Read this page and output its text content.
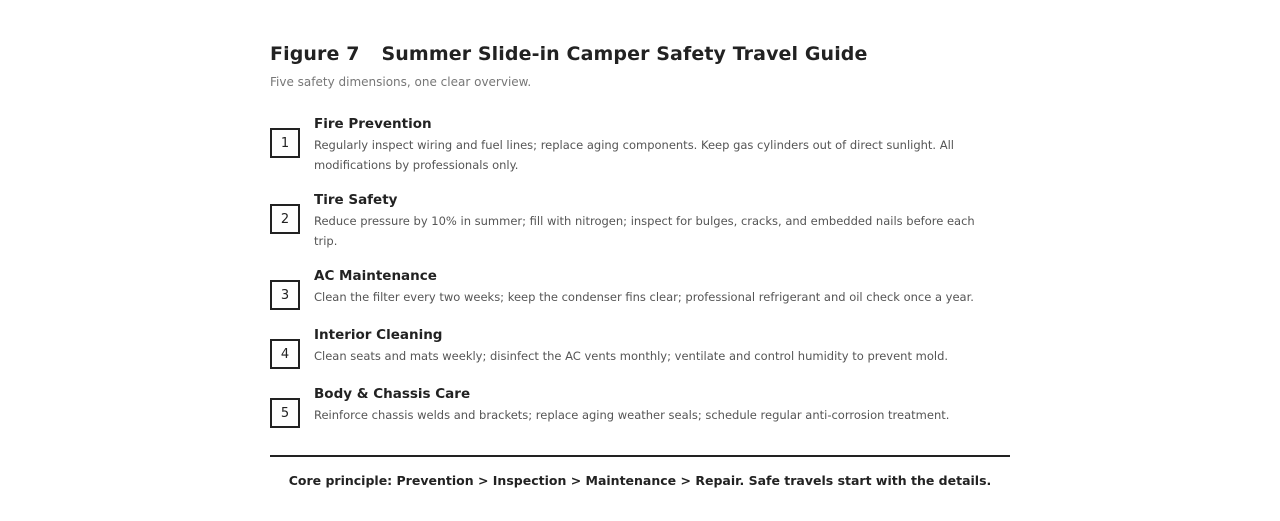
Figure 7 Summer Slide-in Camper Safety Travel Guide
Five safety dimensions, one clear overview.
1
Fire Prevention
Regularly inspect wiring and fuel lines; replace aging components. Keep gas cylinders out of direct sunlight. All modifications by professionals only.
2
Tire Safety
Reduce pressure by 10% in summer; fill with nitrogen; inspect for bulges, cracks, and embedded nails before each trip.
3
AC Maintenance
Clean the filter every two weeks; keep the condenser fins clear; professional refrigerant and oil check once a year.
4
Interior Cleaning
Clean seats and mats weekly; disinfect the AC vents monthly; ventilate and control humidity to prevent mold.
5
Body & Chassis Care
Reinforce chassis welds and brackets; replace aging weather seals; schedule regular anti-corrosion treatment.
Core principle: Prevention > Inspection > Maintenance > Repair. Safe travels start with the details.
